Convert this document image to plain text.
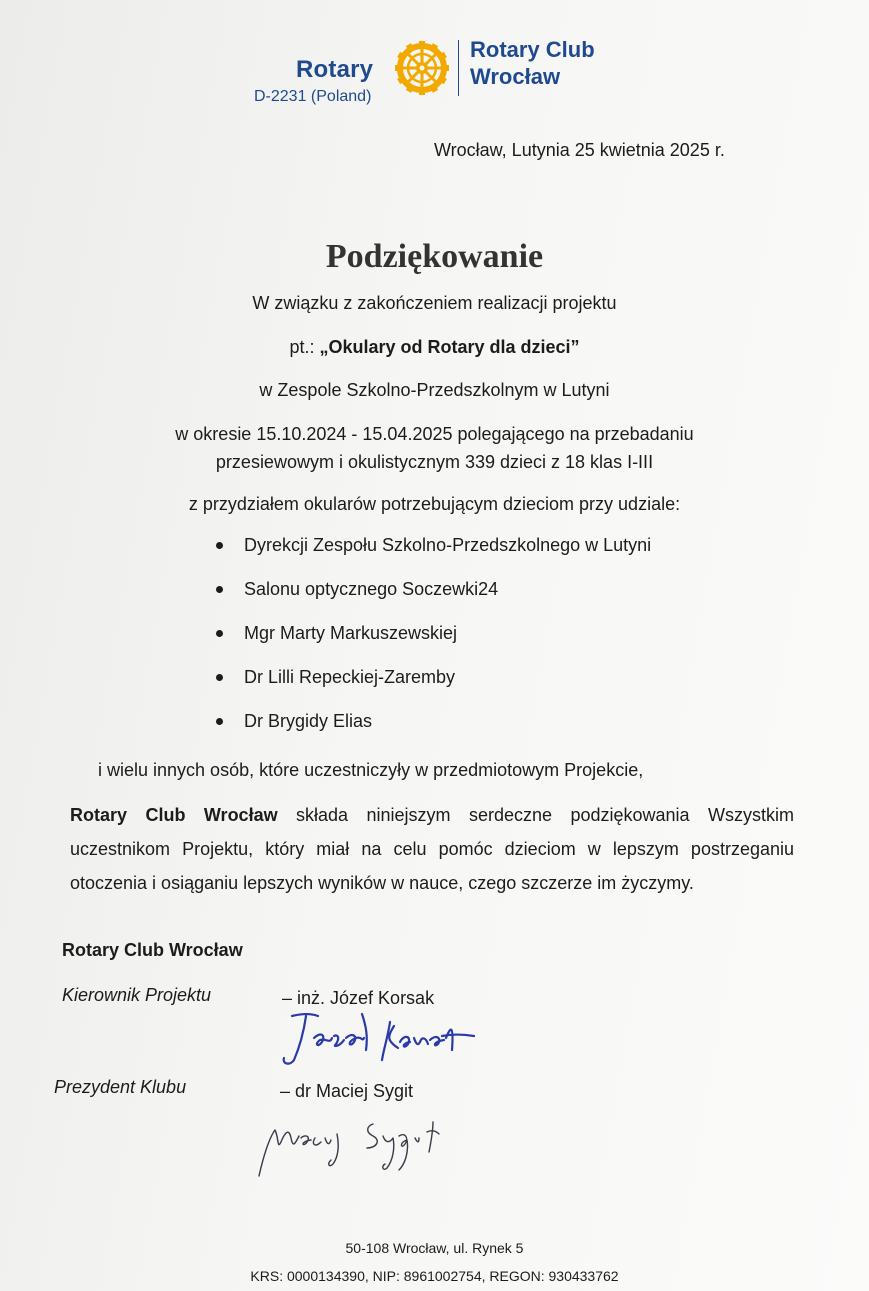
Rotary
D-2231 (Poland)
Rotary Club
Wrocław
Wrocław, Lutynia 25 kwietnia 2025 r.
Podziękowanie
W związku z zakończeniem realizacji projektu
pt.: „Okulary od Rotary dla dzieci”
w Zespole Szkolno-Przedszkolnym w Lutyni
w okresie 15.10.2024 - 15.04.2025 polegającego na przebadaniu
przesiewowym i okulistycznym 339 dzieci z 18 klas I-III
z przydziałem okularów potrzebującym dzieciom przy udziale:
Dyrekcji Zespołu Szkolno-Przedszkolnego w Lutyni
Salonu optycznego Soczewki24
Mgr Marty Markuszewskiej
Dr Lilli Repeckiej-Zaremby
Dr Brygidy Elias
i wielu innych osób, które uczestniczyły w przedmiotowym Projekcie,
Rotary Club Wrocław składa niniejszym serdeczne podziękowania Wszystkim uczestnikom Projektu, który miał na celu pomóc dzieciom w lepszym postrzeganiu otoczenia i osiąganiu lepszych wyników w nauce, czego szczerze im życzymy.
Rotary Club Wrocław
Kierownik Projektu	– inż. Józef Korsak
Prezydent Klubu	– dr Maciej Sygit
50-108 Wrocław, ul. Rynek 5
KRS: 0000134390, NIP: 8961002754, REGON: 930433762
